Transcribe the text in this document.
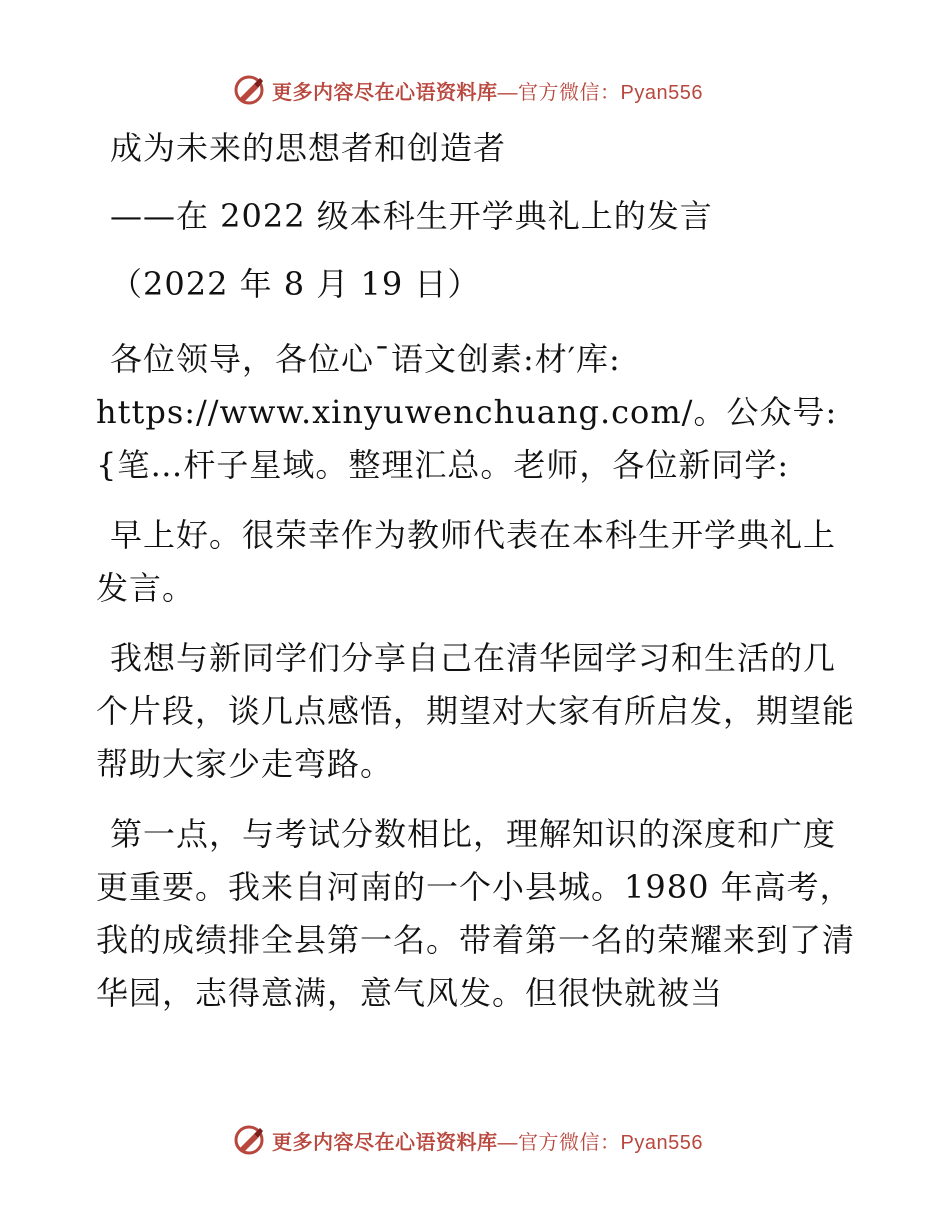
更多内容尽在心语资料库—官方微信：Pyan556

成为未来的思想者和创造者

——在 2022 级本科生开学典礼上的发言

（2022 年 8 月 19 日）

各位领导，各位心¯语文创素:材′库: https://www.xinyuwenchuang.com/。公众号: {笔…杆子星域。整理汇总。老师，各位新同学:

早上好。很荣幸作为教师代表在本科生开学典礼上发言。

我想与新同学们分享自己在清华园学习和生活的几个片段，谈几点感悟，期望对大家有所启发，期望能帮助大家少走弯路。

第一点，与考试分数相比，理解知识的深度和广度更重要。我来自河南的一个小县城。1980 年高考，我的成绩排全县第一名。带着第一名的荣耀来到了清华园，志得意满，意气风发。但很快就被当

更多内容尽在心语资料库—官方微信：Pyan556
